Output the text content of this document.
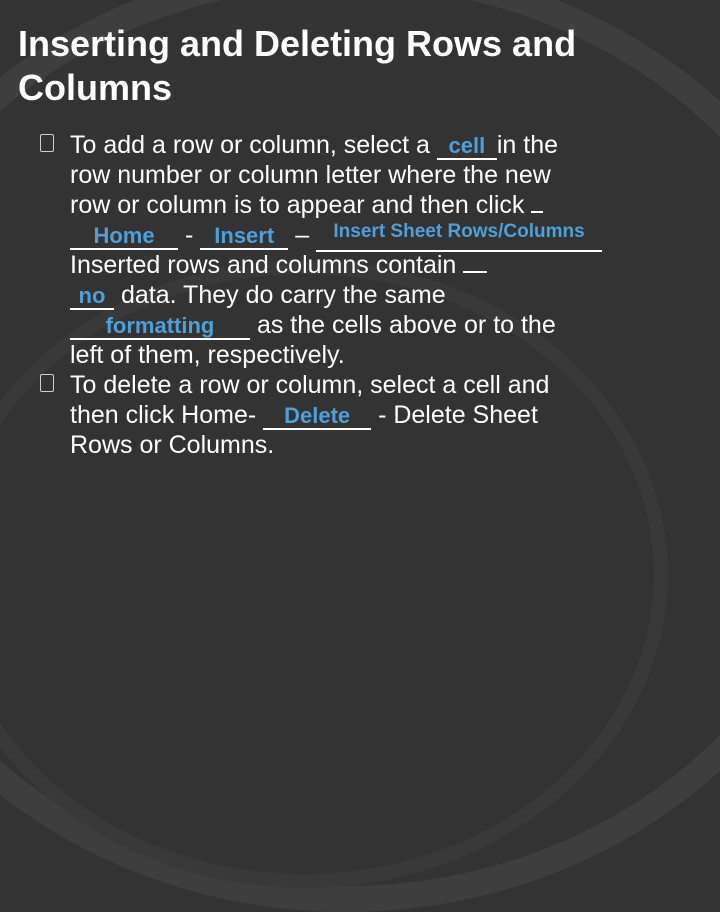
Inserting and Deleting Rows and
Columns
To add a row or column, select a cell in the
row number or column letter where the new
row or column is to appear and then click
Home - Insert – $^{Insert Sheet Rows/Columns}$
Inserted rows and columns contain
no data. They do carry the same
formatting as the cells above or to the
left of them, respectively.
To delete a row or column, select a cell and
then click Home- Delete - Delete Sheet
Rows or Columns.
